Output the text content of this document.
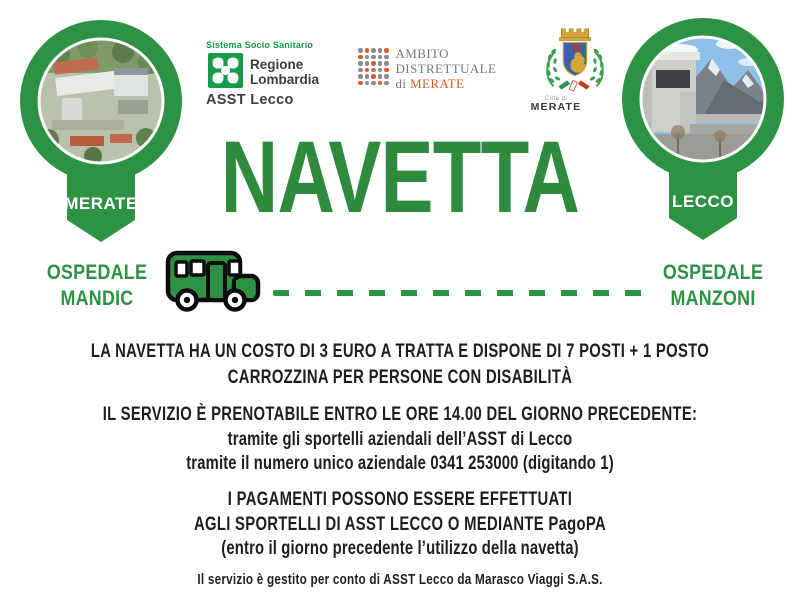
Sistema Socio Sanitario
Regione
Lombardia
ASST Lecco
AMBITO
DISTRETTUALE
di MERATE
Città di
MERATE
NAVETTA
MERATE
OSPEDALE
MANDIC
LECCO
OSPEDALE
MANZONI
LA NAVETTA HA UN COSTO DI 3 EURO A TRATTA E DISPONE DI 7 POSTI + 1 POSTO
CARROZZINA PER PERSONE CON DISABILITÀ
IL SERVIZIO È PRENOTABILE ENTRO LE ORE 14.00 DEL GIORNO PRECEDENTE:
tramite gli sportelli aziendali dell’ASST di Lecco
tramite il numero unico aziendale 0341 253000 (digitando 1)
I PAGAMENTI POSSONO ESSERE EFFETTUATI
AGLI SPORTELLI DI ASST LECCO O MEDIANTE PagoPA
(entro il giorno precedente l’utilizzo della navetta)
Il servizio è gestito per conto di ASST Lecco da Marasco Viaggi S.A.S.
